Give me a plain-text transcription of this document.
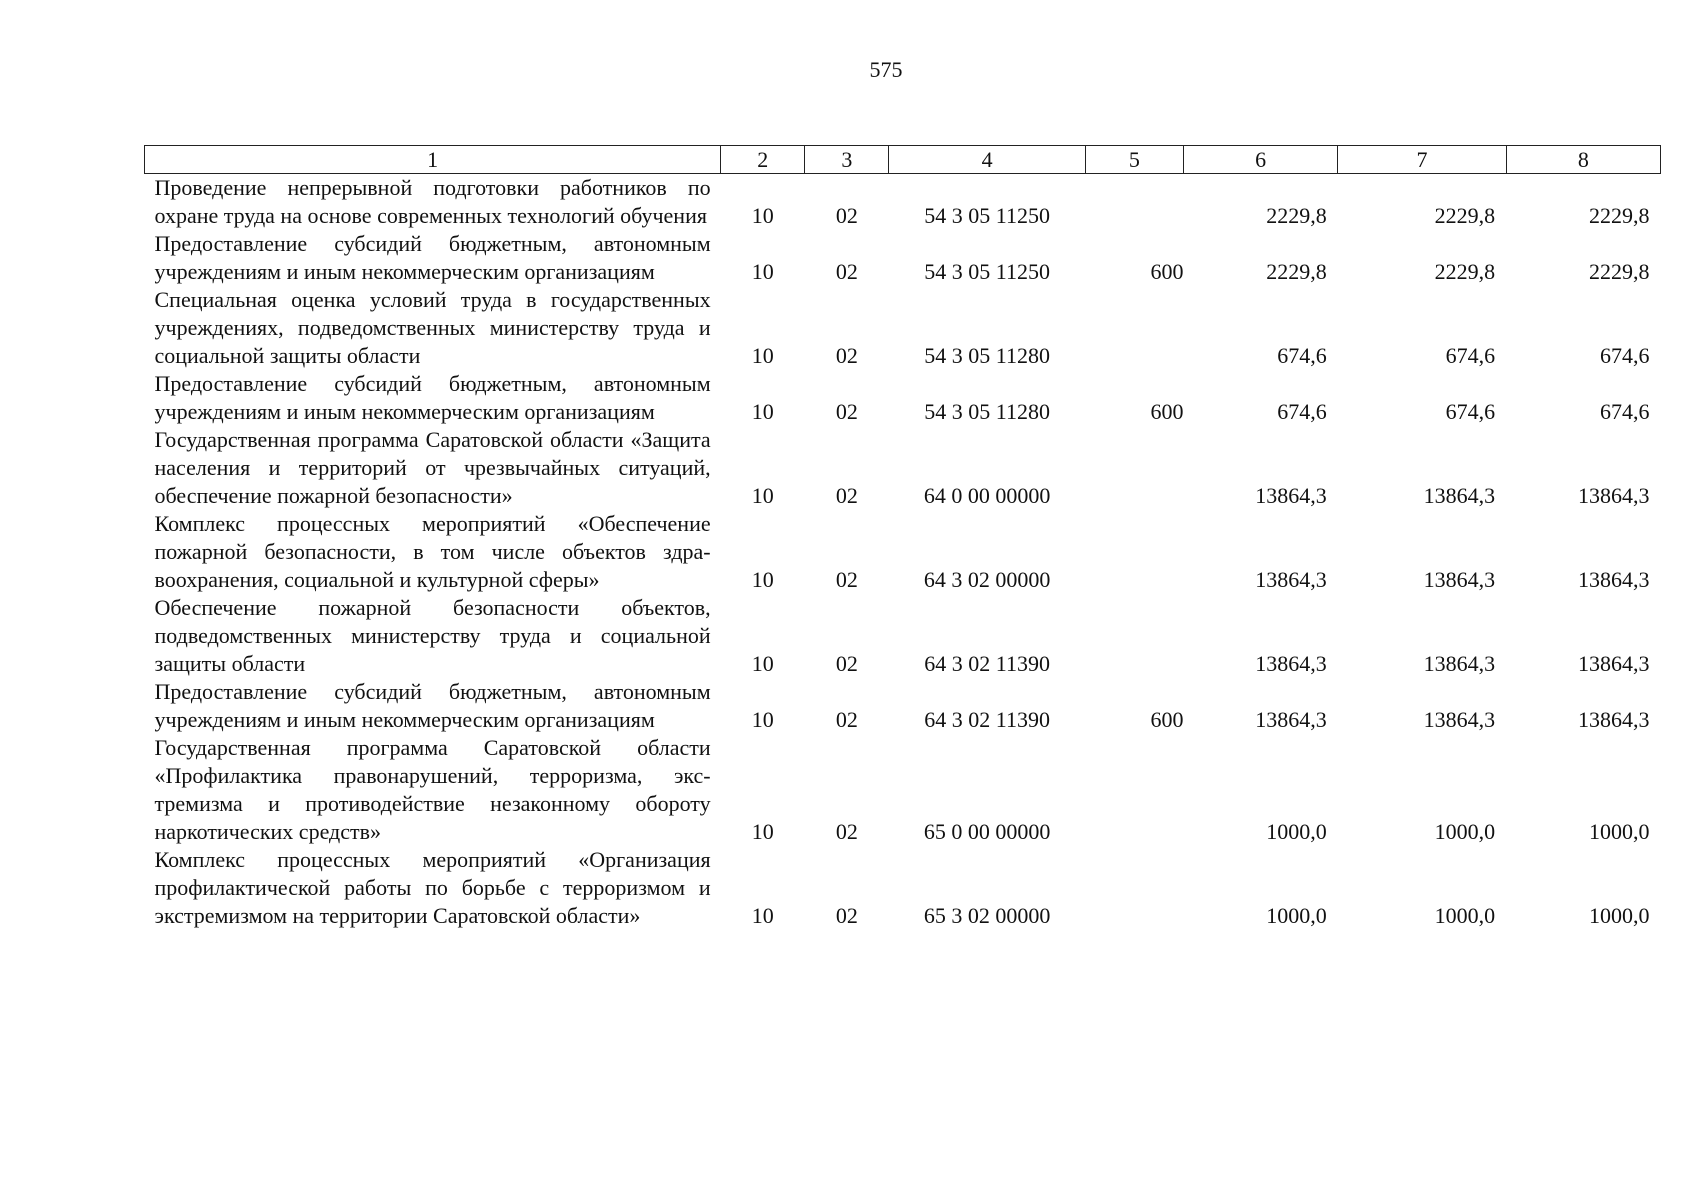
575
1	2	3	4	5	6	7	8
Проведение непрерывной подготовки работников по охране труда на основе современных технологий обучения	10	02	54 3 05 11250		2229,8	2229,8	2229,8
Предоставление субсидий бюджетным, автономным учреждениям и иным некоммерческим организациям	10	02	54 3 05 11250	600	2229,8	2229,8	2229,8
Специальная оценка условий труда в государственных учреждениях, подведомственных министерству труда и социальной защиты области	10	02	54 3 05 11280		674,6	674,6	674,6
Предоставление субсидий бюджетным, автономным учреждениям и иным некоммерческим организациям	10	02	54 3 05 11280	600	674,6	674,6	674,6
Государственная программа Саратовской области «Защита населения и территорий от чрезвычайных ситуаций, обеспечение пожарной безопасности»	10	02	64 0 00 00000		13864,3	13864,3	13864,3
Комплекс процессных мероприятий «Обеспечение пожарной безопасности, в том числе объектов здравоохранения, социальной и культурной сферы»	10	02	64 3 02 00000		13864,3	13864,3	13864,3
Обеспечение пожарной безопасности объектов, подведомственных министерству труда и социальной защиты области	10	02	64 3 02 11390		13864,3	13864,3	13864,3
Предоставление субсидий бюджетным, автономным учреждениям и иным некоммерческим организациям	10	02	64 3 02 11390	600	13864,3	13864,3	13864,3
Государственная программа Саратовской области «Профилактика правонарушений, терроризма, экстремизма и противодействие незаконному обороту наркотических средств»	10	02	65 0 00 00000		1000,0	1000,0	1000,0
Комплекс процессных мероприятий «Организация профилактической работы по борьбе с терроризмом и экстремизмом на территории Саратовской области»	10	02	65 3 02 00000		1000,0	1000,0	1000,0
